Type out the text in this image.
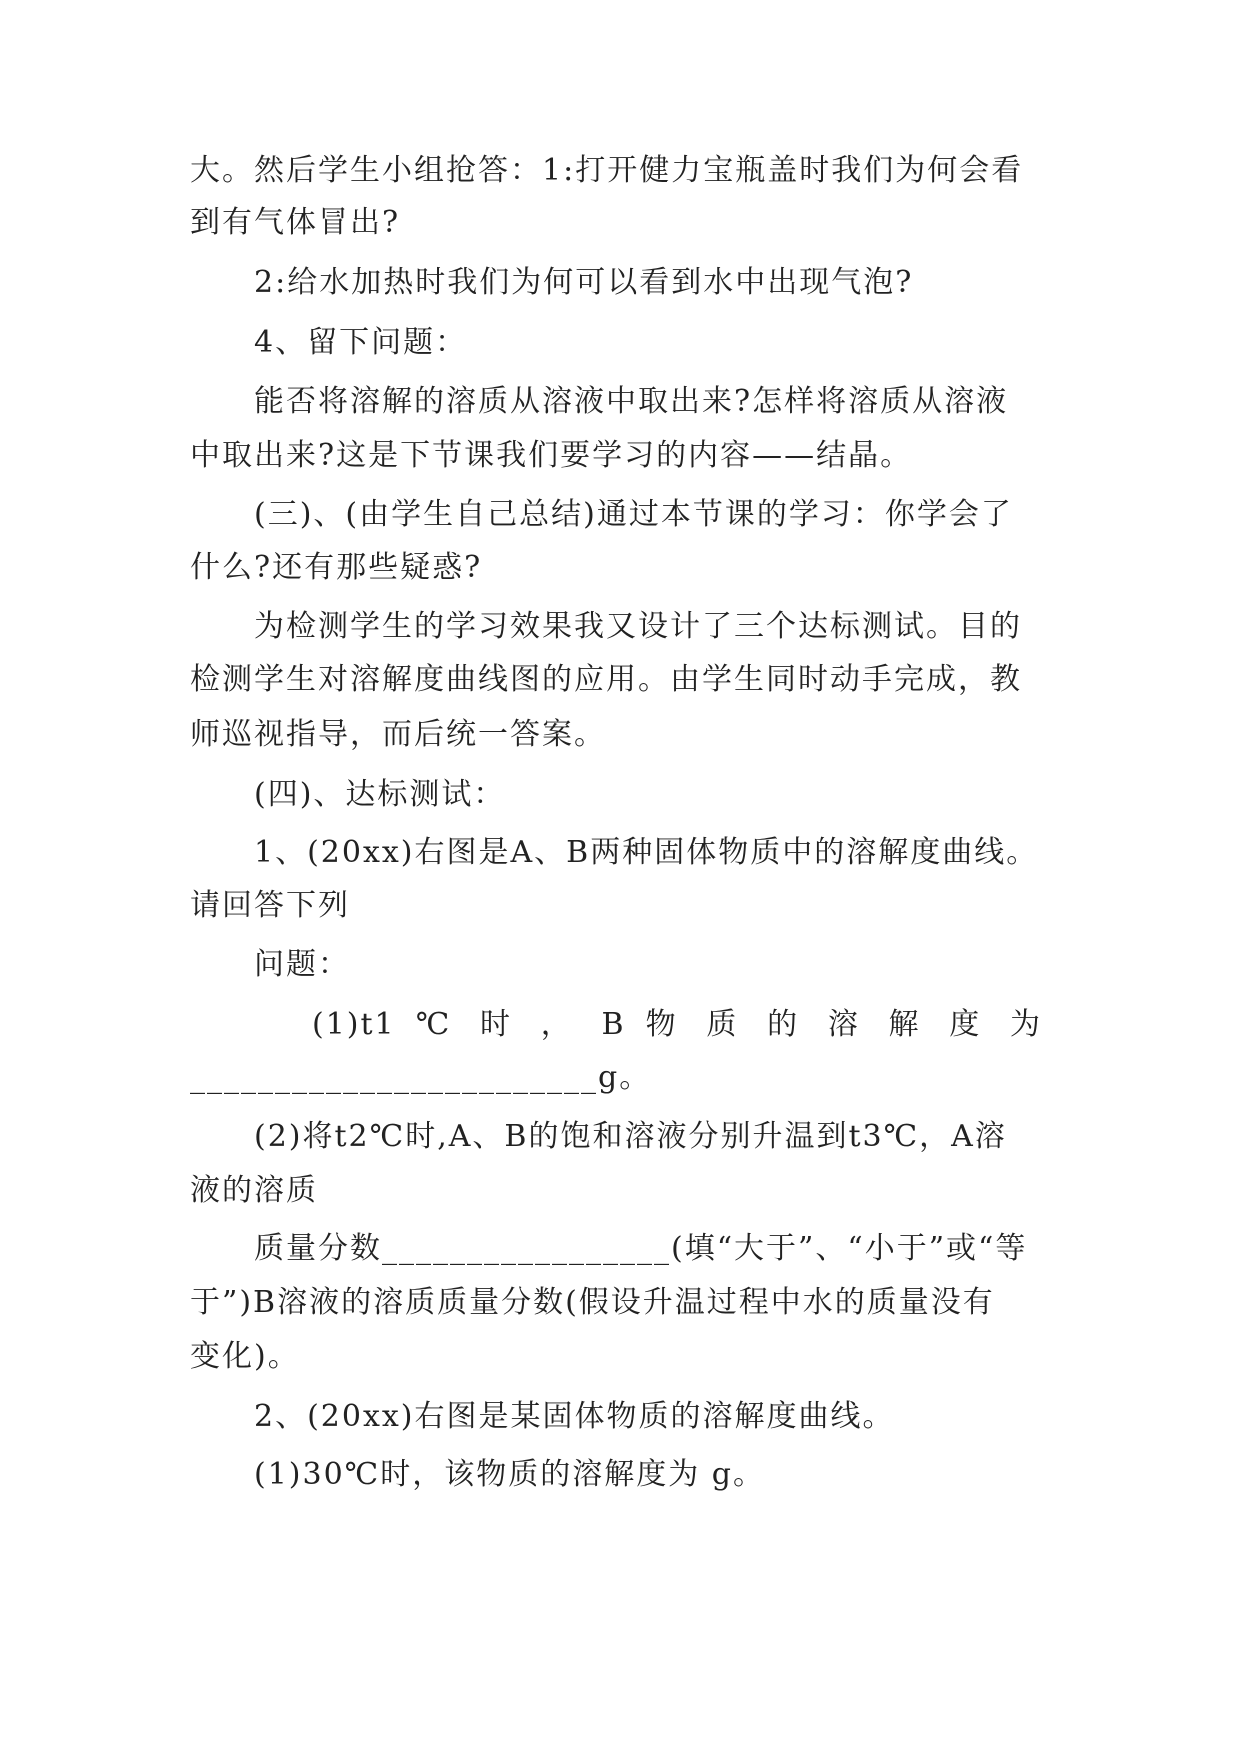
大。然后学生小组抢答：1:打开健力宝瓶盖时我们为何会看
到有气体冒出?
2:给水加热时我们为何可以看到水中出现气泡?
4、留下问题：
能否将溶解的溶质从溶液中取出来?怎样将溶质从溶液
中取出来?这是下节课我们要学习的内容——结晶。
(三)、(由学生自己总结)通过本节课的学习：你学会了
什么?还有那些疑惑?
为检测学生的学习效果我又设计了三个达标测试。目的
检测学生对溶解度曲线图的应用。由学生同时动手完成，教
师巡视指导，而后统一答案。
(四)、达标测试：
1、(20xx)右图是A、B两种固体物质中的溶解度曲线。
请回答下列
问题：
(1)t1 ℃ 时 ， B 物 质 的 溶 解 度 为
________________________g。
(2)将t2℃时,A、B的饱和溶液分别升温到t3℃，A溶
液的溶质
质量分数_________________(填“大于”、“小于”或“等
于”)B溶液的溶质质量分数(假设升温过程中水的质量没有
变化)。
2、(20xx)右图是某固体物质的溶解度曲线。
(1)30℃时，该物质的溶解度为 g。
